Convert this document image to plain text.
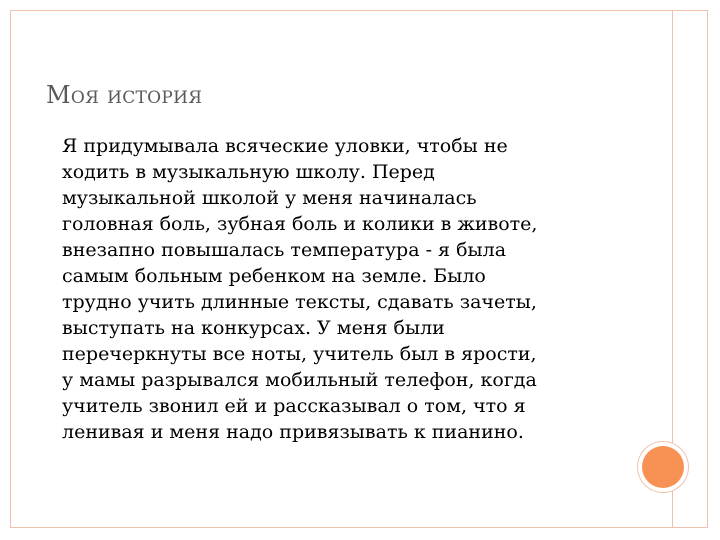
Моя история
Я придумывала всяческие уловки, чтобы не
ходить в музыкальную школу. Перед
музыкальной школой у меня начиналась
головная боль, зубная боль и колики в животе,
внезапно повышалась температура - я была
самым больным ребенком на земле. Было
трудно учить длинные тексты, сдавать зачеты,
выступать на конкурсах. У меня были
перечеркнуты все ноты, учитель был в ярости,
у мамы разрывался мобильный телефон, когда
учитель звонил ей и рассказывал о том, что я
ленивая и меня надо привязывать к пианино.
